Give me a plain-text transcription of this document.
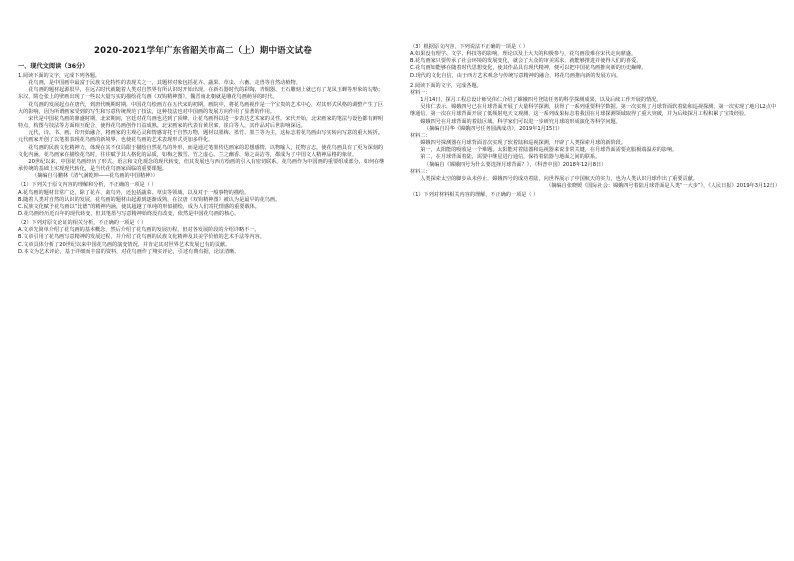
2020-2021学年广东省韶关市高二（上）期中语文试卷
一、现代文阅读（36分）

1.阅读下面的文字，完成下列各题。

花鸟画，是中国画中最富于民族文化特性的表现关之一，其题材对象包括花卉、蔬果、草虫、六畜、走兽等自然动植物。

花鸟画的题材起源很早，在远古时代就随着人类对自然界有所认识时开始出现，在新石器时代的彩陶、青铜器、王石雕刻上就已有了龙凤玉蝉等形象的勾勒；东汉，隋仓张上的壁画出现了一些以大量写实的描绘花鸟画《双钩精神图》，魏晋南北朝就是雕花鸟画萌芽的时代。

花鸟画的发展起点在唐代，到唐代晚期时期，中国花鸟绘画方在五代宋的初期。画院中，将花鸟画视作是一个宝贵的艺术中心，对其形式风格的调整产生了巨大的影响，因为所谓画家受到的写生和写意传统规范了技法，这种技法也对中国画的发展方向作用了显著的作用。

宋代是中国花鸟画的鼎盛时期，北宋期间，宫廷对花鸟画也达到了顶峰，让花鸟画得以进一步表达艺术家的灵性。宋代开始，北宋画家的笔法与设色都有鲜明特点，构图与技法等方面相互配合，使得花鸟画创作日益成熟。北宋画家的代表有黄居寀，崔白等人，其作品对后世影响深远。

元代，诗、书、画、印开始融合，将画家的主观心灵和情感寄托于自然万物，题材以墨梅、墨竹、墨兰等为主，这标志着花鸟画由写实转向写意的重大转折。元代画家开创了以笔墨表现花鸟画的新境界，也使花鸟画的艺术表现形式更加多样化。

花鸟画的民族文化精神力，体现在其不仅局限于描绘自然花鸟的外形，而是通过笔墨传达画家的思想感情，以物喻人，托物言志，使花鸟画具有了更为深刻的文化内涵。花鸟画家在描绘花鸟时，往往赋予其人格化的品质，如梅之傲雪、竹之虚心、兰之幽香、菊之高洁等，都成为了中国文人精神品格的象征。

20世纪以来，中国花鸟画经历了形式、语言和文化观念的现代转变，但其发展也与西方绘画的引入有密切联系。花鸟画作为中国画的重要组成部分，如何在继承传统的基础上实现现代转化，是当代花鸟画家面临的重要课题。

（摘编自马鹏林《清气满乾坤——花鸟画的中国精神》）

（1）下列关于原文内容的理解和分析，不正确的一项是（ ）

A.花鸟画的题材非常广泛，除了花卉、禽鸟外，还包括蔬菜、草虫等领域，以及对于一般事物的描绘。

B.随着人类对自然的认识的发展，花鸟画的题材由起源到逐渐成熟，在汉唐《双钩精神图》被认为是最早的花鸟画。

C.民族文化赋予花鸟画以“比德”的精神内涵，使其超越了单纯的形似描绘，成为人们寄托情感的重要载体。

D.花鸟画经历近百年的现代转变，但其笔墨与写意精神始终没有改变，依然是中国花鸟画的核心。

（2）下列对原文论证的相关分析，不正确的一项是（ ）

A.文章先简单介绍了花鸟画的基本概念，然后介绍了花鸟画的发展历程，但对各发展阶段的介绍详略不一。

B.文章引用了花鸟画写意精神的发展过程，并介绍了花鸟画的民族文化精神及其美学价值的艺术手法等内容。

C.文章具体分析了20世纪以来中国花鸟画的演变情况，并肯定其对世界艺术发展已有的贡献。

D.本文为艺术评论，基于详细而丰富的资料，对花鸟画作了翔实评论，引述有典有据，论证清晰。

（3）根据原文内容，下列说法不正确的一项是（ ）

A.如果没有理学、文学、科技等的影响，理论以及士大夫的积极参与，花鸟画很难在宋代走向鼎盛。

B.花鸟画家只要传承了社会环境的发展变化，就会了大众的审美需求，就能够推进并使得人们的喜爱。

C.花鸟画如能够在随着时代思想变化，使其作品具有现代精神，便可以把中国花鸟画推向新的历史巅峰。

D.现代的文化自信，由于西方艺术观念与传统写意精神的融合，将花鸟画推向新的发展方向。

2.阅读下面的文字，完成各题。

材料一：

1月14日，探月工程总设计师吴伟仁介绍了嫦娥四号登陆任务的科学探测成果，以及后续工作开展的情况。

吴伟仁表示，嫦娥四号已在月球背面开展了大量科学探测，获得了一系列重要科学数据。第一次实现了月球背面软着陆和巡视探测，第一次实现了地月L2点中继通信，第一次在月球背面开展了低频射电天文观测，这一系列成果标志着我国在月球探测领域取得了重大突破，并为后续探月工程积累了宝贵经验。

嫦娥四号在月球背面的着陆区域，科学家们可以进一步研究月球的形成演化等科学问题。

（摘编自冯华《嫦娥四号任务圆满成功》，2019年1月15日）

材料二：

嫦娥四号探测器在月球背面首次实现了软着陆和巡视探测，开辟了人类探索月球的新阶段。

第一，太阳能的吸收是一个难题，太阳能对着陆器和巡视器来说非常关键，在月球背面需要克服极端温差的影响。

第二，在月球背面着陆，需要中继星进行通信，保持着陆器与地面之间的联系。

（摘编自《嫦娥四号为什么要选择月球背面？》，《科普中国》2018年12月8日）

材料三：

人类探索太空的脚步从未停止，嫦娥四号的成功着陆，向世界展示了中国航天的实力，也为人类认识月球作出了重要贡献。

（摘编自张晓媛《国际社会：嫦娥四号着陆月球背面是人类“一大步”》，《人民日报》2019年3月12日）

（1）下列对材料相关内容的理解，不正确的一项是（ ）
